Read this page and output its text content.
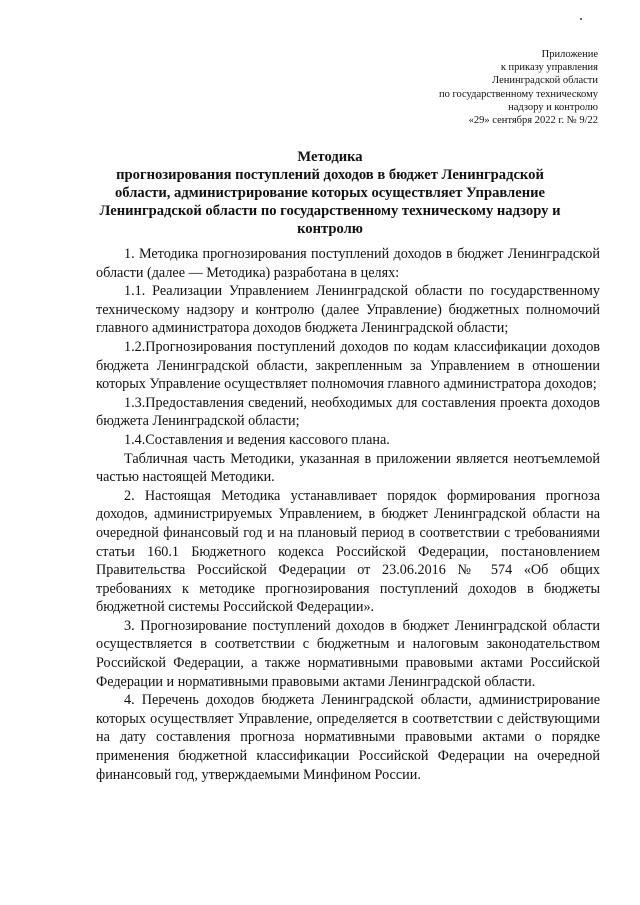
Приложение
к приказу управления
Ленинградской области
по государственному техническому
надзору и контролю
«29» сентября 2022 г. № 9/22
Методика
прогнозирования поступлений доходов в бюджет Ленинградской
области, администрирование которых осуществляет Управление
Ленинградской области по государственному техническому надзору и
контролю

1. Методика прогнозирования поступлений доходов в бюджет Ленинградской области (далее — Методика) разработана в целях:

1.1. Реализации Управлением Ленинградской области по государственному техническому надзору и контролю (далее Управление) бюджетных полномочий главного администратора доходов бюджета Ленинградской области;

1.2.Прогнозирования поступлений доходов по кодам классификации доходов бюджета Ленинградской области, закрепленным за Управлением в отношении которых Управление осуществляет полномочия главного администратора доходов;

1.3.Предоставления сведений, необходимых для составления проекта доходов бюджета Ленинградской области;

1.4.Составления и ведения кассового плана.

Табличная часть Методики, указанная в приложении является неотъемлемой частью настоящей Методики.

2. Настоящая Методика устанавливает порядок формирования прогноза доходов, администрируемых Управлением, в бюджет Ленинградской области на очередной финансовый год и на плановый период в соответствии с требованиями статьи 160.1 Бюджетного кодекса Российской Федерации, постановлением Правительства Российской Федерации от 23.06.2016 № 574 «Об общих требованиях к методике прогнозирования поступлений доходов в бюджеты бюджетной системы Российской Федерации».

3. Прогнозирование поступлений доходов в бюджет Ленинградской области осуществляется в соответствии с бюджетным и налоговым законодательством Российской Федерации, а также нормативными правовыми актами Российской Федерации и нормативными правовыми актами Ленинградской области.

4. Перечень доходов бюджета Ленинградской области, администрирование которых осуществляет Управление, определяется в соответствии с действующими на дату составления прогноза нормативными правовыми актами о порядке применения бюджетной классификации Российской Федерации на очередной финансовый год, утверждаемыми Минфином России.
